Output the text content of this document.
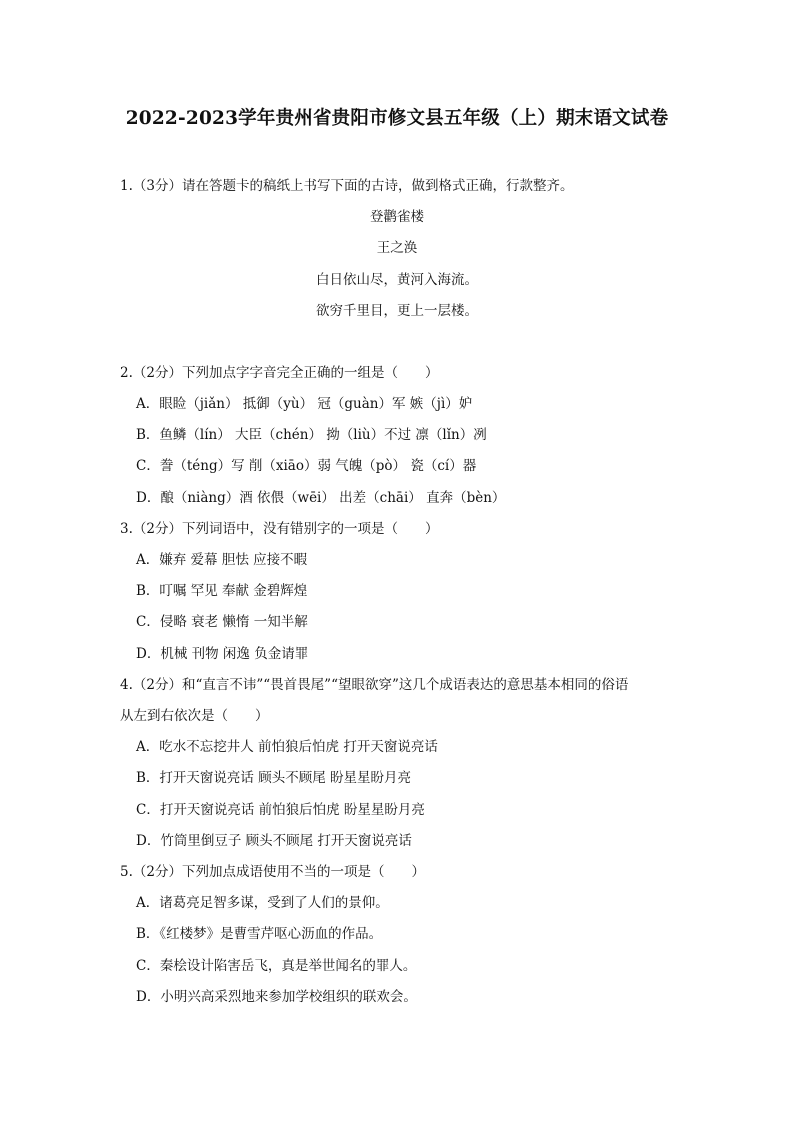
2022-2023学年贵州省贵阳市修文县五年级（上）期末语文试卷
1.（3分）请在答题卡的稿纸上书写下面的古诗，做到格式正确，行款整齐。
登鹳雀楼
王之涣
白日依山尽，黄河入海流。
欲穷千里目，更上一层楼。
2.（2分）下列加点字字音完全正确的一组是（　　）
A．眼睑（jiǎn） 抵御（yù） 冠（guàn）军 嫉（jì）妒
B．鱼鳞（lín） 大臣（chén） 拗（liù）不过 凛（lǐn）冽
C．誊（téng）写 削（xiāo）弱 气魄（pò） 瓷（cí）器
D．酿（niàng）酒 依偎（wēi） 出差（chāi） 直奔（bèn）
3.（2分）下列词语中，没有错别字的一项是（　　）
A．嫌弃 爱幕 胆怯 应接不暇
B．叮嘱 罕见 奉献 金碧辉煌
C．侵略 衰老 懒惰 一知半解
D．机械 刊物 闲逸 负金请罪
4.（2分）和“直言不讳”“畏首畏尾”“望眼欲穿”这几个成语表达的意思基本相同的俗语
从左到右依次是（　　）
A．吃水不忘挖井人 前怕狼后怕虎 打开天窗说亮话
B．打开天窗说亮话 顾头不顾尾 盼星星盼月亮
C．打开天窗说亮话 前怕狼后怕虎 盼星星盼月亮
D．竹筒里倒豆子 顾头不顾尾 打开天窗说亮话
5.（2分）下列加点成语使用不当的一项是（　　）
A．诸葛亮足智多谋，受到了人们的景仰。
B．《红楼梦》是曹雪芹呕心沥血的作品。
C．秦桧设计陷害岳飞，真是举世闻名的罪人。
D．小明兴高采烈地来参加学校组织的联欢会。
